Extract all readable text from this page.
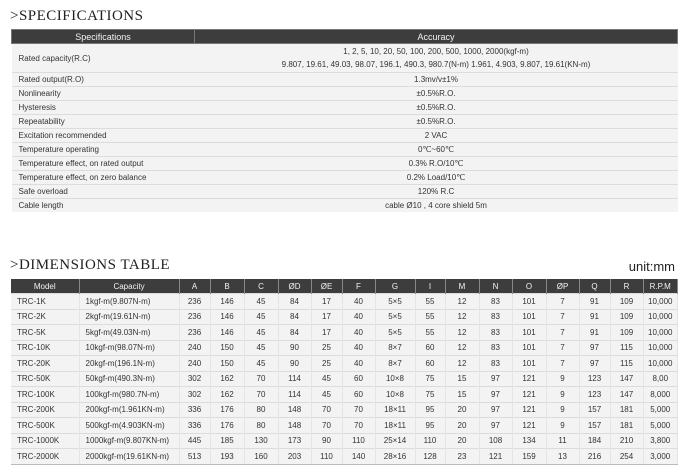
>SPECIFICATIONS
Specifications	Accuracy
Rated capacity(R.C)	1, 2, 5, 10, 20, 50, 100, 200, 500, 1000, 2000(kgf-m)
9.807, 19.61, 49.03, 98.07, 196.1, 490.3, 980.7(N-m) 1.961, 4.903, 9.807, 19.61(KN-m)

Rated output(R.O)	1.3mv/v±1%
Nonlinearity	±0.5%R.O.
Hysteresis	±0.5%R.O.
Repeatability	±0.5%R.O.
Excitation recommended	2 VAC
Temperature operating	0℃~60℃
Temperature effect, on rated output	0.3% R.O/10℃
Temperature effect, on zero balance	0.2% Load/10℃
Safe overload	120% R.C
Cable length	cable Ø10 , 4 core shield 5m
>DIMENSIONS TABLE	unit:mm
Model	Capacity	A	B	C	ØD	ØE	F	G	I	M	N	O	ØP	Q	R	R.P.M
TRC-1K	1kgf-m(9.807N-m)	236	146	45	84	17	40	5×5	55	12	83	101	7	91	109	10,000
TRC-2K	2kgf-m(19.61N-m)	236	146	45	84	17	40	5×5	55	12	83	101	7	91	109	10,000
TRC-5K	5kgf-m(49.03N-m)	236	146	45	84	17	40	5×5	55	12	83	101	7	91	109	10,000
TRC-10K	10kgf-m(98.07N-m)	240	150	45	90	25	40	8×7	60	12	83	101	7	97	115	10,000
TRC-20K	20kgf-m(196.1N-m)	240	150	45	90	25	40	8×7	60	12	83	101	7	97	115	10,000
TRC-50K	50kgf-m(490.3N-m)	302	162	70	114	45	60	10×8	75	15	97	121	9	123	147	8,00
TRC-100K	100kgf-m(980.7N-m)	302	162	70	114	45	60	10×8	75	15	97	121	9	123	147	8,000
TRC-200K	200kgf-m(1.961KN-m)	336	176	80	148	70	70	18×11	95	20	97	121	9	157	181	5,000
TRC-500K	500kgf-m(4.903KN-m)	336	176	80	148	70	70	18×11	95	20	97	121	9	157	181	5,000
TRC-1000K	1000kgf-m(9.807KN-m)	445	185	130	173	90	110	25×14	110	20	108	134	11	184	210	3,800
TRC-2000K	2000kgf-m(19.61KN-m)	513	193	160	203	110	140	28×16	128	23	121	159	13	216	254	3,000
